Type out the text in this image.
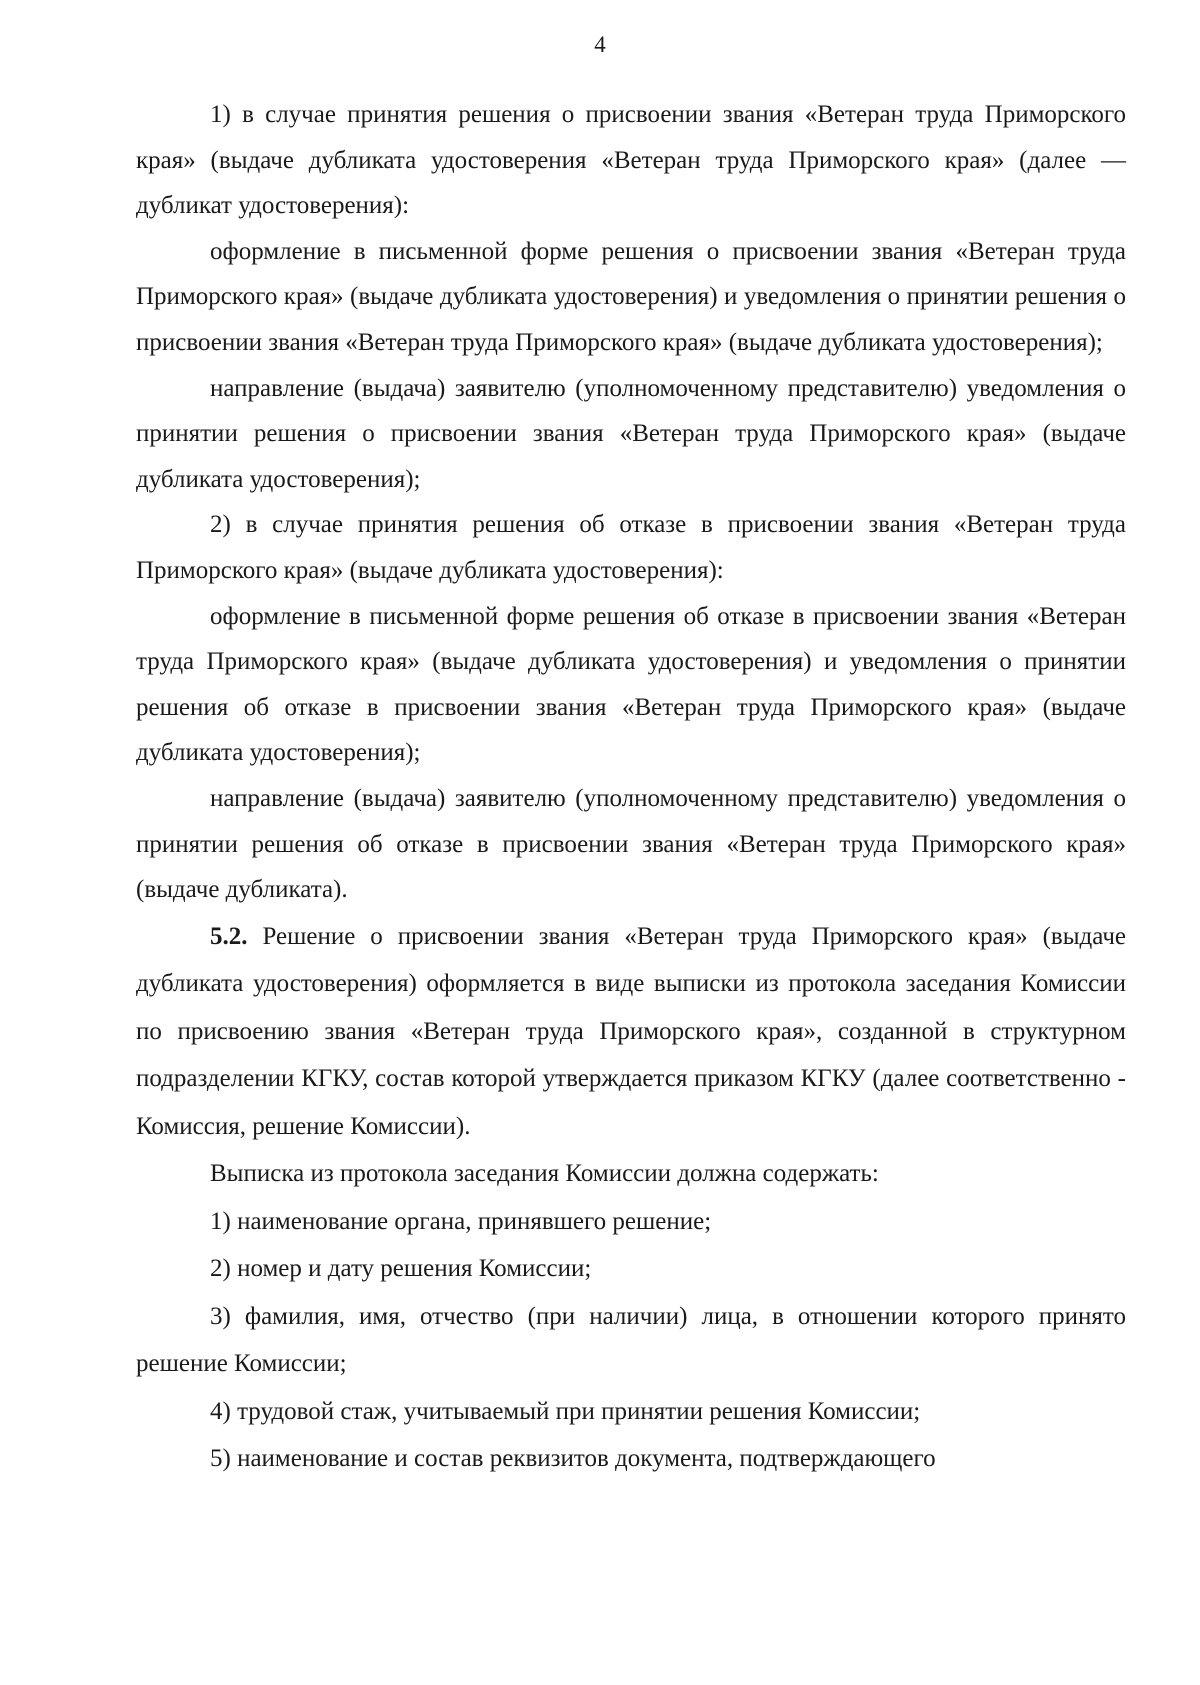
4

1) в случае принятия решения о присвоении звания «Ветеран труда Приморского края» (выдаче дубликата удостоверения «Ветеран труда Приморского края» (далее — дубликат удостоверения):

оформление в письменной форме решения о присвоении звания «Ветеран труда Приморского края» (выдаче дубликата удостоверения) и уведомления о принятии решения о присвоении звания «Ветеран труда Приморского края» (выдаче дубликата удостоверения);

направление (выдача) заявителю (уполномоченному представителю) уведомления о принятии решения о присвоении звания «Ветеран труда Приморского края» (выдаче дубликата удостоверения);

2) в случае принятия решения об отказе в присвоении звания «Ветеран труда Приморского края» (выдаче дубликата удостоверения):

оформление в письменной форме решения об отказе в присвоении звания «Ветеран труда Приморского края» (выдаче дубликата удостоверения) и уведомления о принятии решения об отказе в присвоении звания «Ветеран труда Приморского края» (выдаче дубликата удостоверения);

направление (выдача) заявителю (уполномоченному представителю) уведомления о принятии решения об отказе в присвоении звания «Ветеран труда Приморского края» (выдаче дубликата).

5.2. Решение о присвоении звания «Ветеран труда Приморского края» (выдаче дубликата удостоверения) оформляется в виде выписки из протокола заседания Комиссии по присвоению звания «Ветеран труда Приморского края», созданной в структурном подразделении КГКУ, состав которой утверждается приказом КГКУ (далее соответственно - Комиссия, решение Комиссии).

Выписка из протокола заседания Комиссии должна содержать:

1) наименование органа, принявшего решение;

2) номер и дату решения Комиссии;

3) фамилия, имя, отчество (при наличии) лица, в отношении которого принято решение Комиссии;

4) трудовой стаж, учитываемый при принятии решения Комиссии;

5) наименование и состав реквизитов документа, подтверждающего
